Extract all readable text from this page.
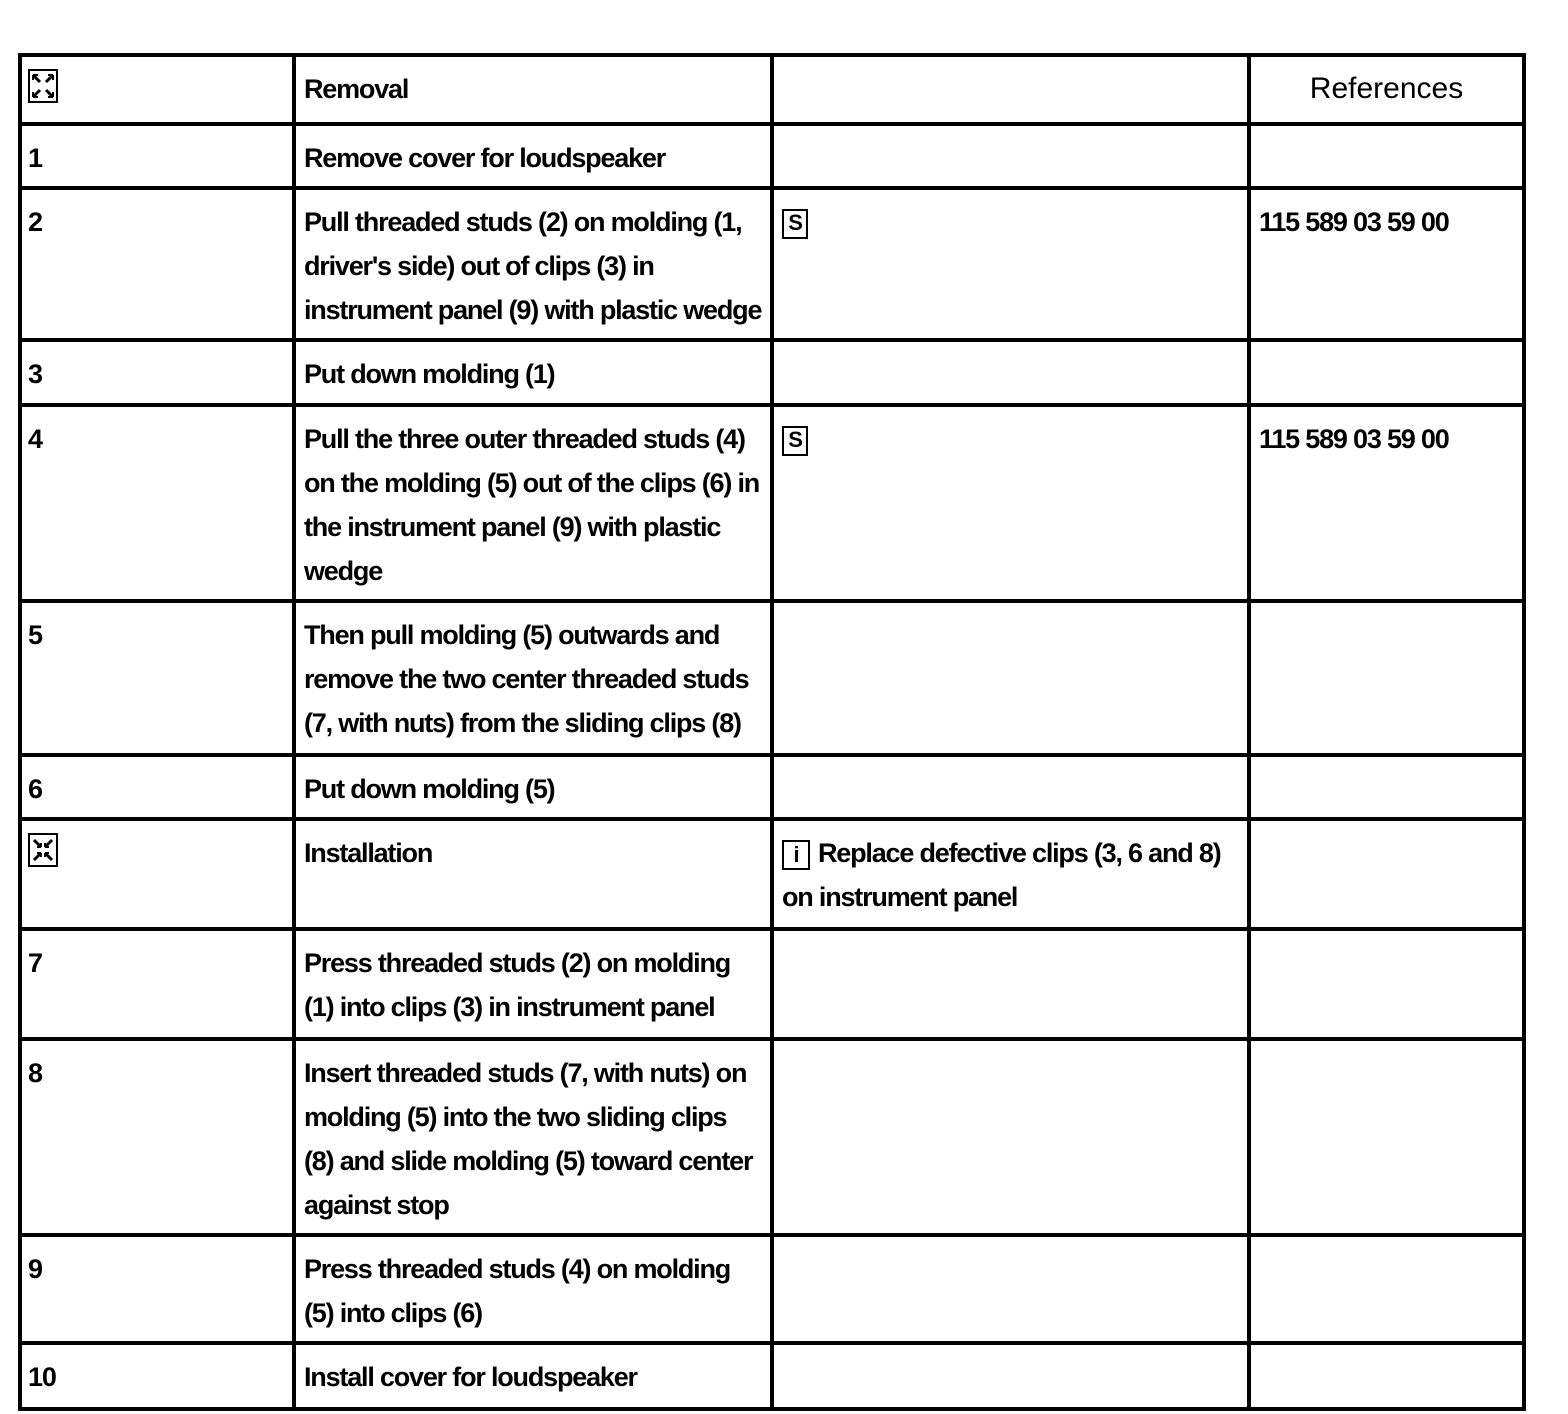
	Removal		References
1	Remove cover for loudspeaker		
2	Pull threaded studs (2) on molding (1, driver's side) out of clips (3) in instrument panel (9) with plastic wedge	S	115 589 03 59 00
3	Put down molding (1)		
4	Pull the three outer threaded studs (4) on the molding (5) out of the clips (6) in the instrument panel (9) with plastic wedge	S	115 589 03 59 00
5	Then pull molding (5) outwards and remove the two center threaded studs (7, with nuts) from the sliding clips (8)		
6	Put down molding (5)		

	Installation	i Replace defective clips (3, 6 and 8) on instrument panel	
7	Press threaded studs (2) on molding (1) into clips (3) in instrument panel		
8	Insert threaded studs (7, with nuts) on molding (5) into the two sliding clips (8) and slide molding (5) toward center against stop		
9	Press threaded studs (4) on molding (5) into clips (6)		
10	Install cover for loudspeaker		
